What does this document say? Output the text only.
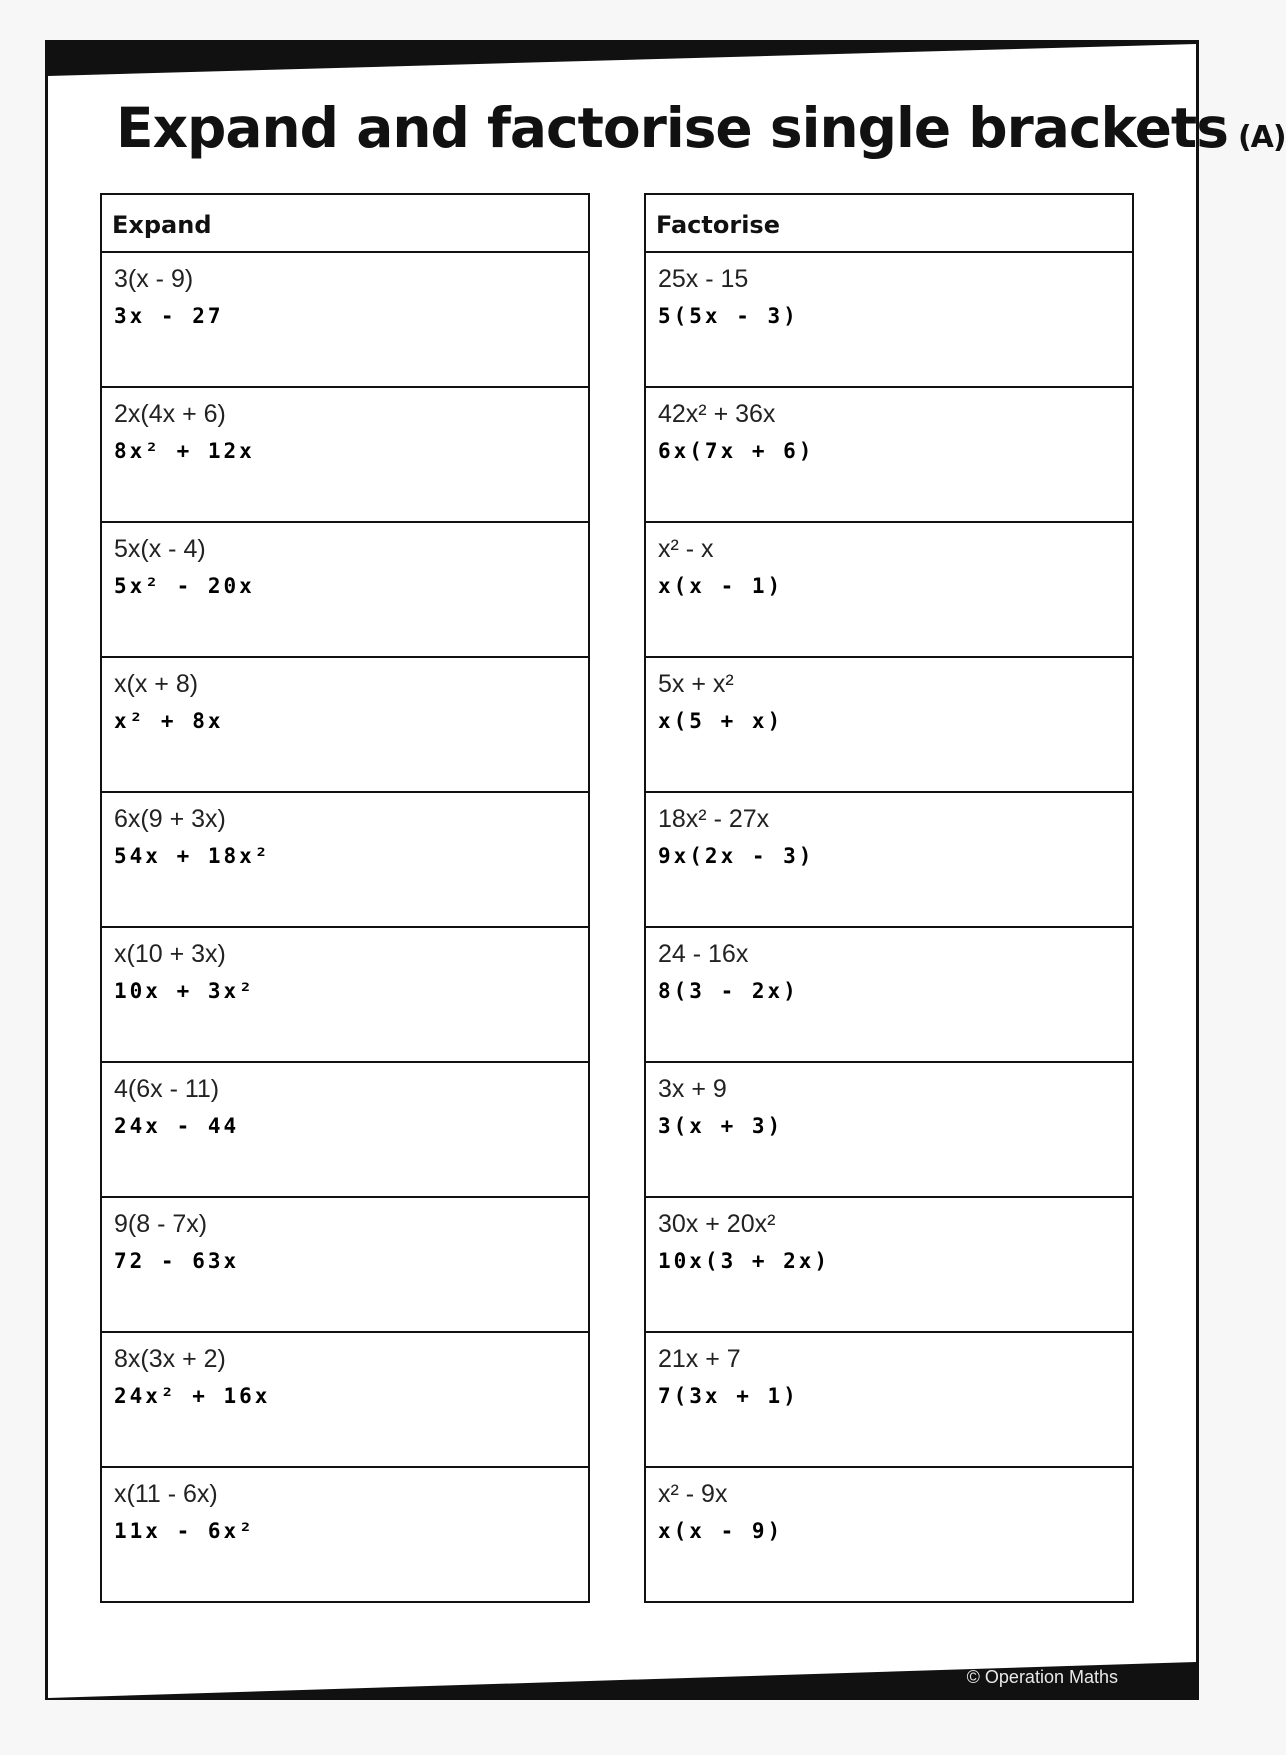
Expand and factorise single brackets (A)
Expand
3(x - 9)
3x - 27
2x(4x + 6)
8x² + 12x
5x(x - 4)
5x² - 20x
x(x + 8)
x² + 8x
6x(9 + 3x)
54x + 18x²
x(10 + 3x)
10x + 3x²
4(6x - 11)
24x - 44
9(8 - 7x)
72 - 63x
8x(3x + 2)
24x² + 16x
x(11 - 6x)
11x - 6x²
Factorise
25x - 15
5(5x - 3)
42x² + 36x
6x(7x + 6)
x² - x
x(x - 1)
5x + x²
x(5 + x)
18x² - 27x
9x(2x - 3)
24 - 16x
8(3 - 2x)
3x + 9
3(x + 3)
30x + 20x²
10x(3 + 2x)
21x + 7
7(3x + 1)
x² - 9x
x(x - 9)
© Operation Maths
